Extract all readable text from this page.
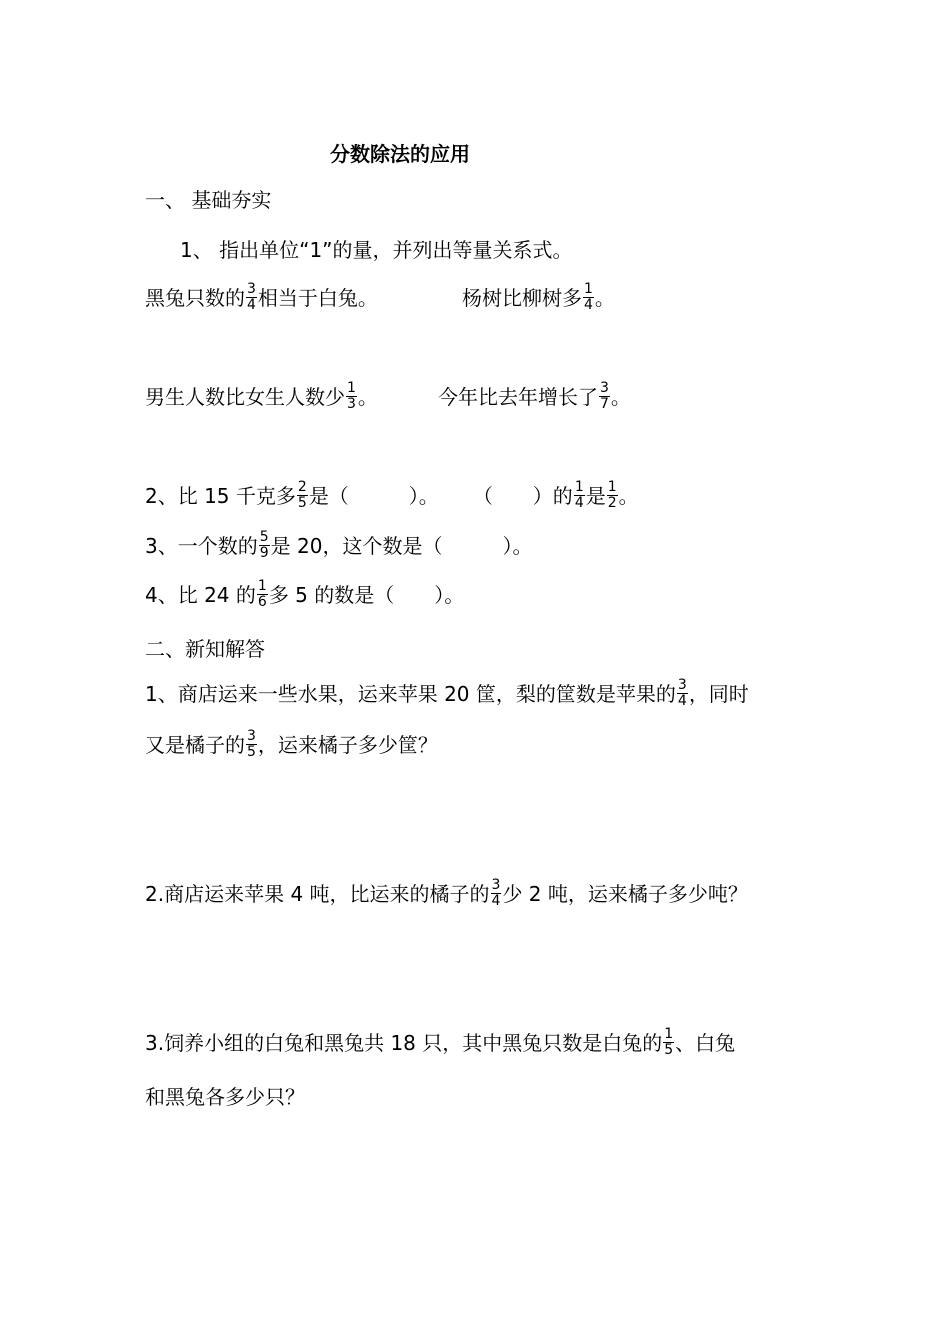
分数除法的应用
一、 基础夯实
1、 指出单位“1”的量，并列出等量关系式。
黑兔只数的 $\frac{3}{4}$ 相当于白兔。	杨树比柳树多 $\frac{1}{4}$ 。
男生人数比女生人数少 $\frac{1}{3}$ 。	今年比去年增长了 $\frac{3}{7}$ 。
2、比 15 千克多 $\frac{2}{5}$ 是（　　　）。 （　　）的 $\frac{1}{4}$ 是 $\frac{1}{2}$ 。
3、一个数的 $\frac{5}{9}$ 是 20，这个数是（　　　）。
4、比 24 的 $\frac{1}{6}$ 多 5 的数是（　　）。
二、新知解答
1、商店运来一些水果，运来苹果 20 筐，梨的筐数是苹果的 $\frac{3}{4}$ ，同时
又是橘子的 $\frac{3}{5}$ ，运来橘子多少筐？
2.商店运来苹果 4 吨，比运来的橘子的 $\frac{3}{4}$ 少 2 吨，运来橘子多少吨？
3.饲养小组的白兔和黑兔共 18 只，其中黑兔只数是白兔的 $\frac{1}{5}$ 、白兔
和黑兔各多少只？
